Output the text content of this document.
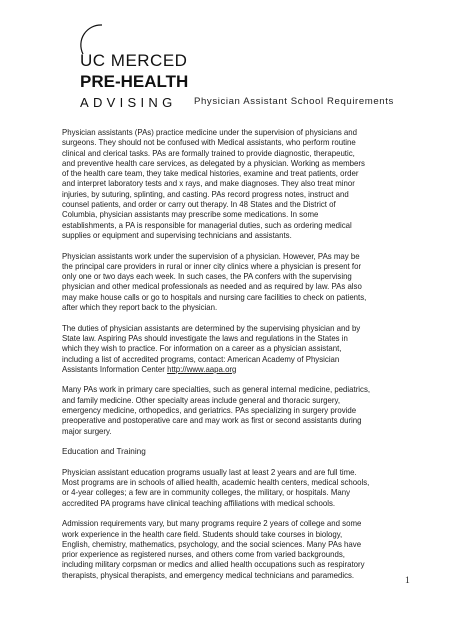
UC MERCED
PRE-HEALTH
ADVISING Physician Assistant School Requirements

Physician assistants (PAs) practice medicine under the supervision of physicians and
surgeons. They should not be confused with Medical assistants, who perform routine
clinical and clerical tasks. PAs are formally trained to provide diagnostic, therapeutic,
and preventive health care services, as delegated by a physician. Working as members
of the health care team, they take medical histories, examine and treat patients, order
and interpret laboratory tests and x rays, and make diagnoses. They also treat minor
injuries, by suturing, splinting, and casting. PAs record progress notes, instruct and
counsel patients, and order or carry out therapy. In 48 States and the District of
Columbia, physician assistants may prescribe some medications. In some
establishments, a PA is responsible for managerial duties, such as ordering medical
supplies or equipment and supervising technicians and assistants.

Physician assistants work under the supervision of a physician. However, PAs may be
the principal care providers in rural or inner city clinics where a physician is present for
only one or two days each week. In such cases, the PA confers with the supervising
physician and other medical professionals as needed and as required by law. PAs also
may make house calls or go to hospitals and nursing care facilities to check on patients,
after which they report back to the physician.

The duties of physician assistants are determined by the supervising physician and by
State law. Aspiring PAs should investigate the laws and regulations in the States in
which they wish to practice. For information on a career as a physician assistant,
including a list of accredited programs, contact: American Academy of Physician
Assistants Information Center http://www.aapa.org

Many PAs work in primary care specialties, such as general internal medicine, pediatrics,
and family medicine. Other specialty areas include general and thoracic surgery,
emergency medicine, orthopedics, and geriatrics. PAs specializing in surgery provide
preoperative and postoperative care and may work as first or second assistants during
major surgery.

Education and Training

Physician assistant education programs usually last at least 2 years and are full time.
Most programs are in schools of allied health, academic health centers, medical schools,
or 4-year colleges; a few are in community colleges, the military, or hospitals. Many
accredited PA programs have clinical teaching affiliations with medical schools.

Admission requirements vary, but many programs require 2 years of college and some
work experience in the health care field. Students should take courses in biology,
English, chemistry, mathematics, psychology, and the social sciences. Many PAs have
prior experience as registered nurses, and others come from varied backgrounds,
including military corpsman or medics and allied health occupations such as respiratory
therapists, physical therapists, and emergency medical technicians and paramedics.

1
